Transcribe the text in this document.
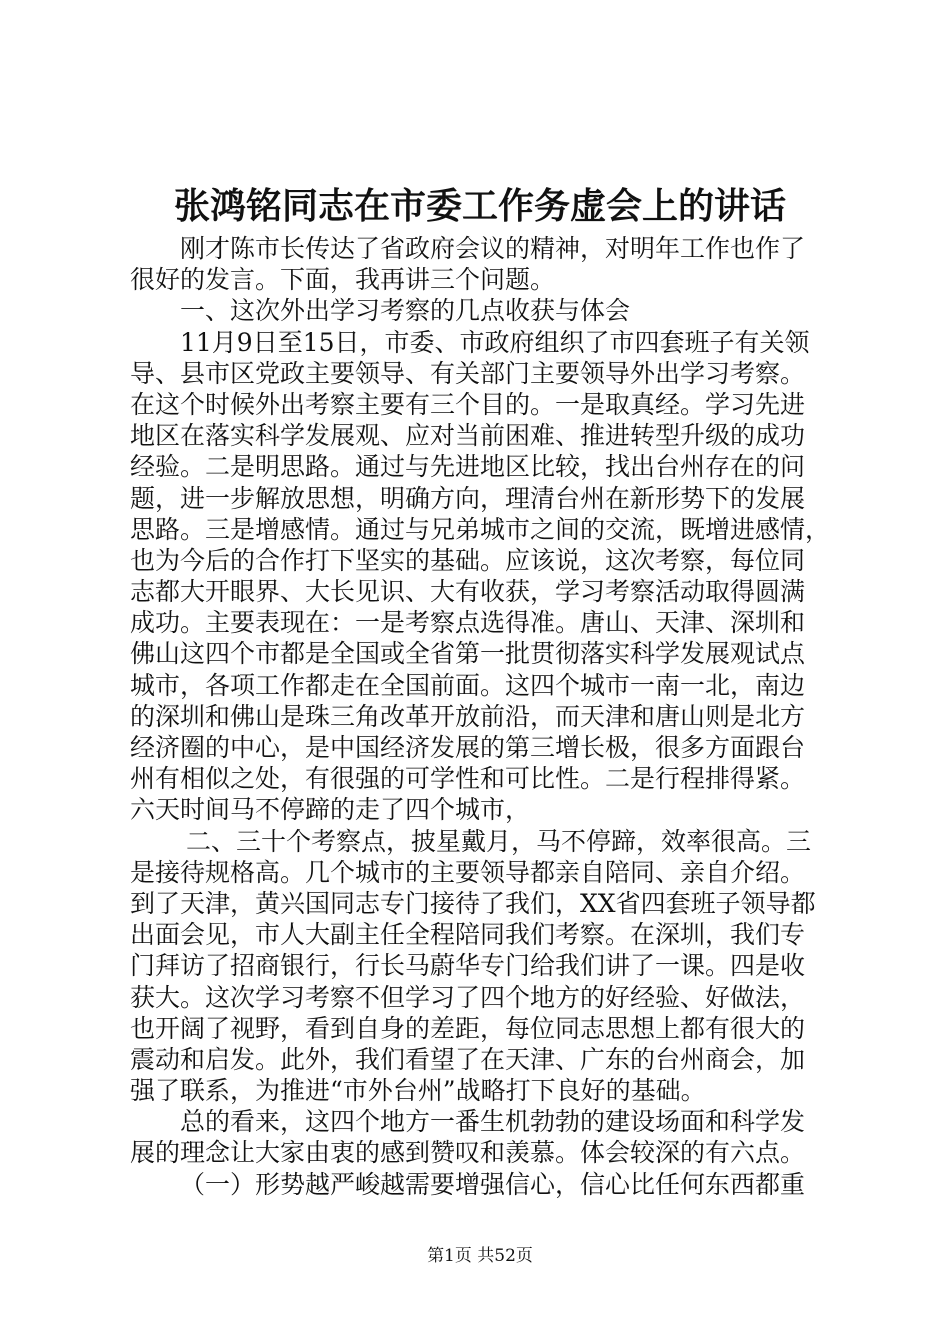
张鸿铭同志在市委工作务虚会上的讲话
刚才陈市长传达了省政府会议的精神，对明年工作也作了
很好的发言。下面，我再讲三个问题。
一、这次外出学习考察的几点收获与体会
11月9日至15日，市委、市政府组织了市四套班子有关领
导、县市区党政主要领导、有关部门主要领导外出学习考察。
在这个时候外出考察主要有三个目的。一是取真经。学习先进
地区在落实科学发展观、应对当前困难、推进转型升级的成功
经验。二是明思路。通过与先进地区比较，找出台州存在的问
题，进一步解放思想，明确方向，理清台州在新形势下的发展
思路。三是增感情。通过与兄弟城市之间的交流，既增进感情，
也为今后的合作打下坚实的基础。应该说，这次考察，每位同
志都大开眼界、大长见识、大有收获，学习考察活动取得圆满
成功。主要表现在：一是考察点选得准。唐山、天津、深圳和
佛山这四个市都是全国或全省第一批贯彻落实科学发展观试点
城市，各项工作都走在全国前面。这四个城市一南一北，南边
的深圳和佛山是珠三角改革开放前沿，而天津和唐山则是北方
经济圈的中心，是中国经济发展的第三增长极，很多方面跟台
州有相似之处，有很强的可学性和可比性。二是行程排得紧。
六天时间马不停蹄的走了四个城市，
二、三十个考察点，披星戴月，马不停蹄，效率很高。三
是接待规格高。几个城市的主要领导都亲自陪同、亲自介绍。
到了天津，黄兴国同志专门接待了我们，XX省四套班子领导都
出面会见，市人大副主任全程陪同我们考察。在深圳，我们专
门拜访了招商银行，行长马蔚华专门给我们讲了一课。四是收
获大。这次学习考察不但学习了四个地方的好经验、好做法，
也开阔了视野，看到自身的差距，每位同志思想上都有很大的
震动和启发。此外，我们看望了在天津、广东的台州商会，加
强了联系，为推进“市外台州”战略打下良好的基础。
总的看来，这四个地方一番生机勃勃的建设场面和科学发
展的理念让大家由衷的感到赞叹和羡慕。体会较深的有六点。
（一）形势越严峻越需要增强信心，信心比任何东西都重
第1页 共52页
